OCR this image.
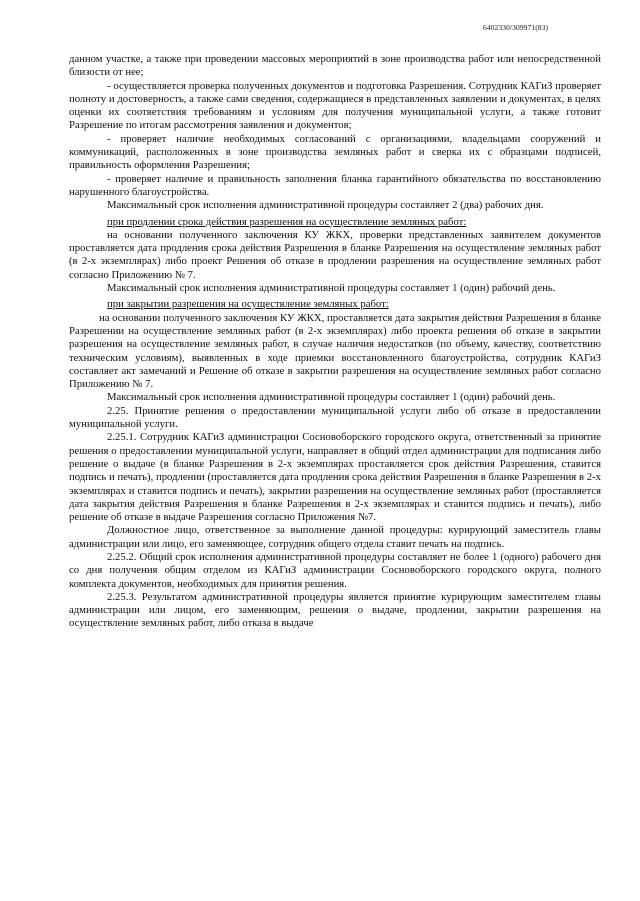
6402330/309971(83)

данном участке, а также при проведении массовых мероприятий в зоне производства работ или непосредственной близости от нее;

- осуществляется проверка полученных документов и подготовка Разрешения. Сотрудник КАГиЗ проверяет полноту и достоверность, а также сами сведения, содержащиеся в представленных заявлении и документах, в целях оценки их соответствия требованиям и условиям для получения муниципальной услуги, а также готовит Разрешение по итогам рассмотрения заявления и документов;

- проверяет наличие необходимых согласований с организациями, владельцами сооружений и коммуникаций, расположенных в зоне производства земляных работ и сверка их с образцами подписей, правильность оформления Разрешения;

- проверяет наличие и правильность заполнения бланка гарантийного обязательства по восстановлению нарушенного благоустройства.

Максимальный срок исполнения административной процедуры составляет 2 (два) рабочих дня.

при продлении срока действия разрешения на осуществление земляных работ:

на основании полученного заключения КУ ЖКХ, проверки представленных заявителем документов проставляется дата продления срока действия Разрешения в бланке Разрешения на осуществление земляных работ (в 2-х экземплярах) либо проект Решения об отказе в продлении разрешения на осуществление земляных работ согласно Приложению № 7.

Максимальный срок исполнения административной процедуры составляет 1 (один) рабочий день.

при закрытии разрешения на осуществление земляных работ:

на основании полученного заключения КУ ЖКХ, проставляется дата закрытия действия Разрешения в бланке Разрешении на осуществление земляных работ (в 2-х экземплярах) либо проекта решения об отказе в закрытии разрешения на осуществление земляных работ, в случае наличия недостатков (по объему, качеству, соответствию техническим условиям), выявленных в ходе приемки восстановленного благоустройства, сотрудник КАГиЗ составляет акт замечаний и Решение об отказе в закрытии разрешения на осуществление земляных работ согласно Приложению № 7.

Максимальный срок исполнения административной процедуры составляет 1 (один) рабочий день.

2.25. Принятие решения о предоставлении муниципальной услуги либо об отказе в предоставлении муниципальной услуги.

2.25.1. Сотрудник КАГиЗ администрации Сосновоборского городского округа, ответственный за принятие решения о предоставлении муниципальной услуги, направляет в общий отдел администрации для подписания либо решение о выдаче (в бланке Разрешения в 2-х экземплярах проставляется срок действия Разрешения, ставится подпись и печать), продлении (проставляется дата продления срока действия Разрешения в бланке Разрешения в 2-х экземплярах и ставится подпись и печать), закрытии разрешения на осуществление земляных работ (проставляется дата закрытия действия Разрешения в бланке Разрешения в 2-х экземплярах и ставится подпись и печать), либо решение об отказе в выдаче Разрешения согласно Приложения №7.

Должностное лицо, ответственное за выполнение данной процедуры: курирующий заместитель главы администрации или лицо, его заменяющее, сотрудник общего отдела ставит печать на подпись.

2.25.2. Общий срок исполнения административной процедуры составляет не более 1 (одного) рабочего дня со дня получения общим отделом из КАГиЗ администрации Сосновоборского городского округа, полного комплекта документов, необходимых для принятия решения.

2.25.3. Результатом административной процедуры является принятие курирующим заместителем главы администрации или лицом, его заменяющим, решения о выдаче, продлении, закрытии разрешения на осуществление земляных работ, либо отказа в выдаче
